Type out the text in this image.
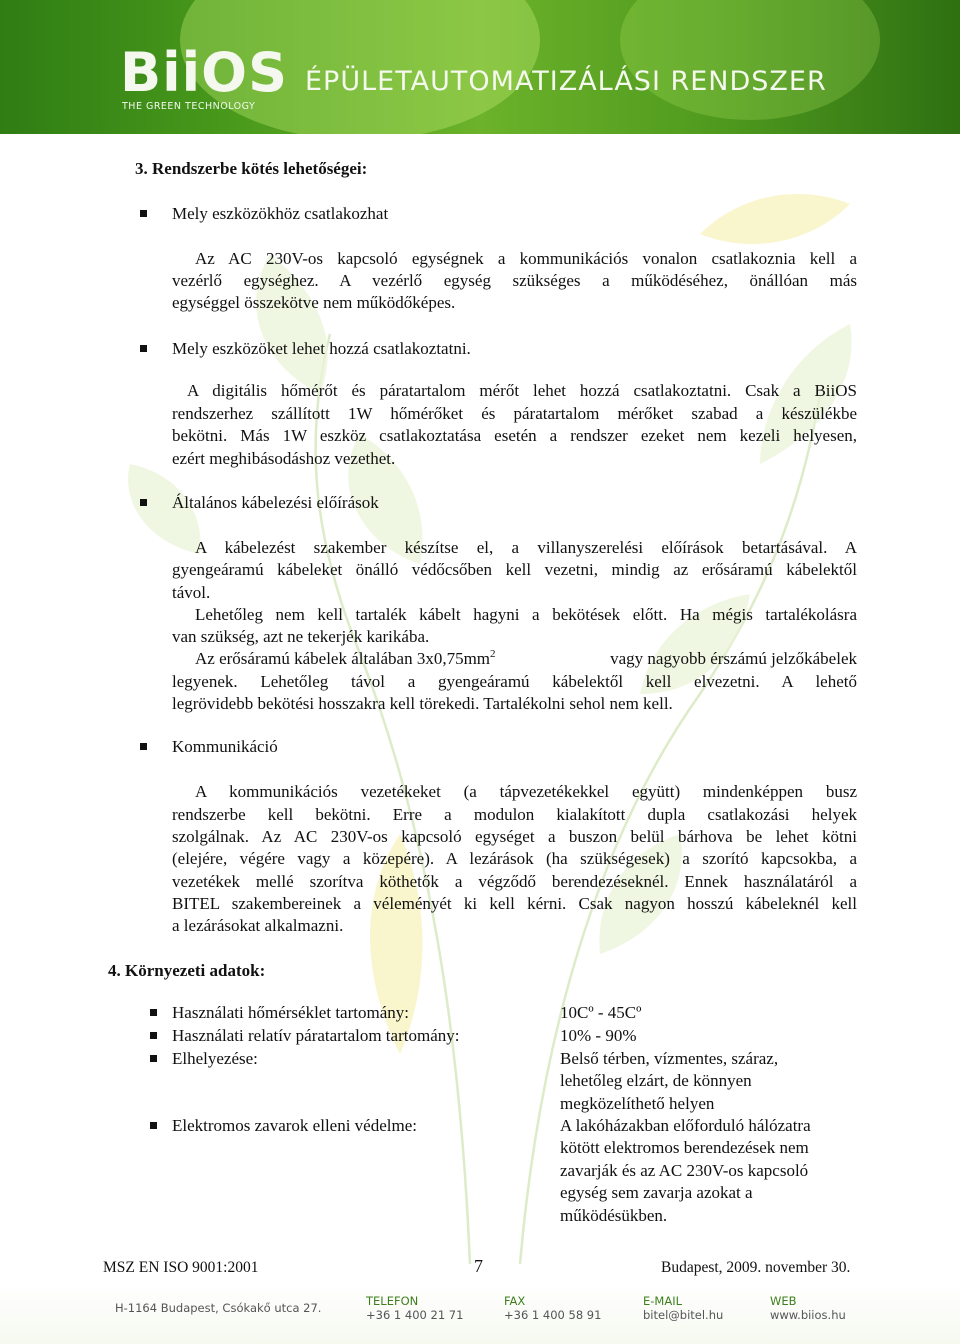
BiiOS
THE GREEN TECHNOLOGY
ÉPÜLETAUTOMATIZÁLÁSI RENDSZER
3. Rendszerbe kötés lehetőségei:
Mely eszközökhöz csatlakozhat
Az AC 230V-os kapcsoló egységnek a kommunikációs vonalon csatlakoznia kell a
vezérlő egységhez. A vezérlő egység szükséges a működéséhez, önállóan más
egységgel összekötve nem működőképes.
Mely eszközöket lehet hozzá csatlakoztatni.
A digitális hőmérőt és páratartalom mérőt lehet hozzá csatlakoztatni. Csak a BiiOS
rendszerhez szállított 1W hőmérőket és páratartalom mérőket szabad a készülékbe
bekötni. Más 1W eszköz csatlakoztatása esetén a rendszer ezeket nem kezeli helyesen,
ezért meghibásodáshoz vezethet.
Általános kábelezési előírások
A kábelezést szakember készítse el, a villanyszerelési előírások betartásával. A
gyengeáramú kábeleket önálló védőcsőben kell vezetni, mindig az erősáramú kábelektől
távol.
Lehetőleg nem kell tartalék kábelt hagyni a bekötések előtt. Ha mégis tartalékolásra
van szükség, azt ne tekerjék karikába.
Az erősáramú kábelek általában $3x0,75mm^2$	vagy nagyobb érszámú jelzőkábelek
legyenek. Lehetőleg távol a gyengeáramú kábelektől kell elvezetni. A lehető
legrövidebb bekötési hosszakra kell törekedi. Tartalékolni sehol nem kell.
Kommunikáció
A kommunikációs vezetékeket (a tápvezetékekkel együtt) mindenképpen busz
rendszerbe kell bekötni. Erre a modulon kialakított dupla csatlakozási helyek
szolgálnak. Az AC 230V-os kapcsoló egységet a buszon belül bárhova be lehet kötni
(elejére, végére vagy a közepére). A lezárások (ha szükségesek) a szorító kapcsokba, a
vezetékek mellé szorítva köthetők a végződő berendezéseknél. Ennek használatáról a
BITEL szakembereinek a véleményét ki kell kérni. Csak nagyon hosszú kábeleknél kell
a lezárásokat alkalmazni.
4. Környezeti adatok:
Használati hőmérséklet tartomány:	10Cº - 45Cº
Használati relatív páratartalom tartomány:	10% - 90%
Elhelyezése:	Belső térben, vízmentes, száraz,
lehetőleg elzárt, de könnyen
megközelíthető helyen
Elektromos zavarok elleni védelme:	A lakóházakban előforduló hálózatra
kötött elektromos berendezések nem
zavarják és az AC 230V-os kapcsoló
egység sem zavarja azokat a
működésükben.
MSZ EN ISO 9001:2001	7	Budapest, 2009. november 30.
H-1164 Budapest, Csókakő utca 27.	TELEFON
+36 1 400 21 71
FAX
+36 1 400 58 91
E-MAIL
bitel@bitel.hu
WEB
www.biios.hu
